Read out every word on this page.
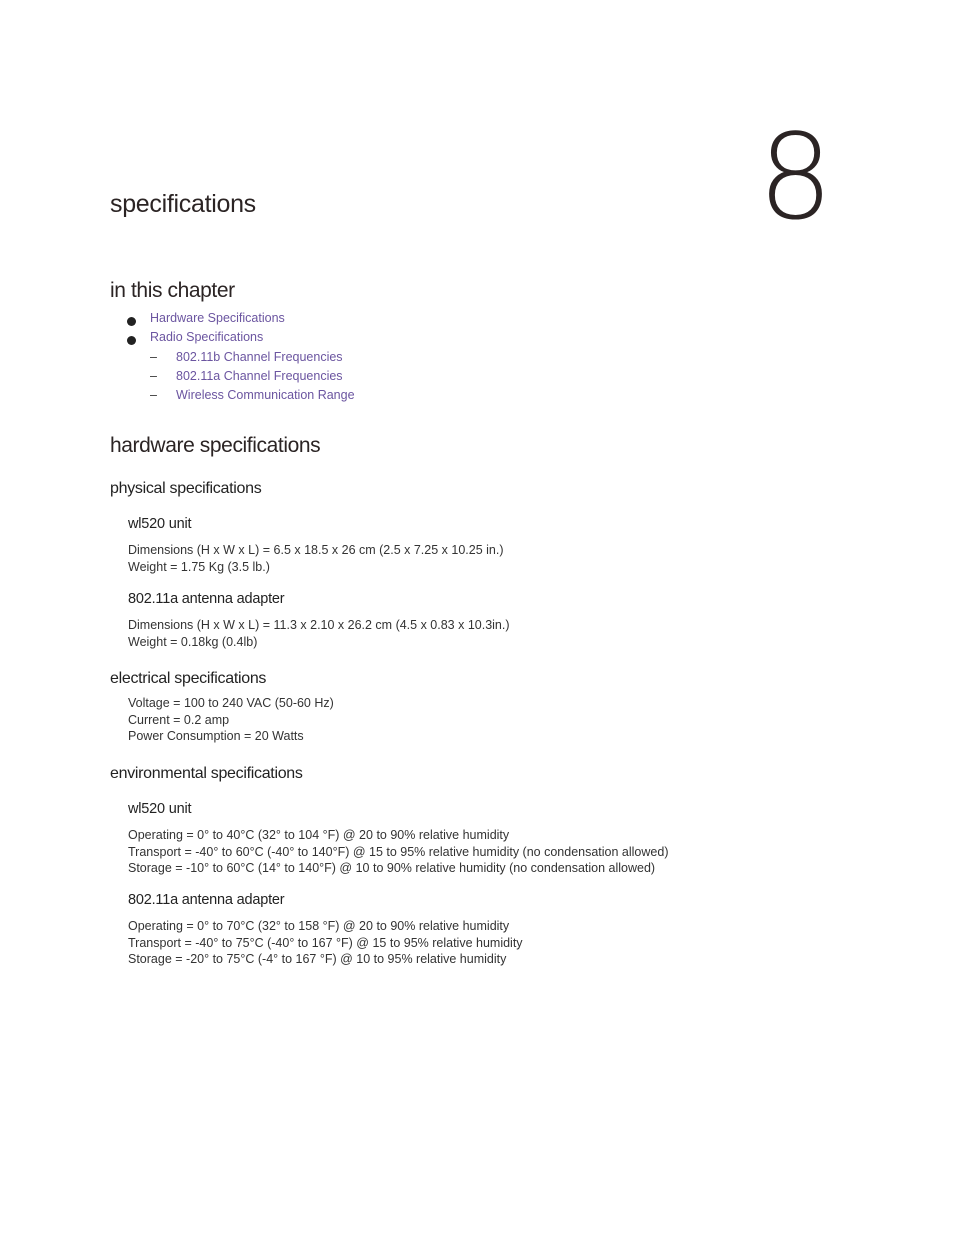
8
specifications
in this chapter
Hardware Specifications
Radio Specifications
– 802.11b Channel Frequencies
– 802.11a Channel Frequencies
– Wireless Communication Range
hardware specifications
physical specifications
wl520 unit
Dimensions (H x W x L) = 6.5 x 18.5 x 26 cm (2.5 x 7.25 x 10.25 in.)
Weight = 1.75 Kg (3.5 lb.)
802.11a antenna adapter
Dimensions (H x W x L) = 11.3 x 2.10 x 26.2 cm (4.5 x 0.83 x 10.3in.)
Weight = 0.18kg (0.4lb)
electrical specifications
Voltage = 100 to 240 VAC (50-60 Hz)
Current = 0.2 amp
Power Consumption = 20 Watts
environmental specifications
wl520 unit
Operating = 0° to 40°C (32° to 104 °F) @ 20 to 90% relative humidity
Transport = -40° to 60°C (-40° to 140°F) @ 15 to 95% relative humidity (no condensation allowed)
Storage = -10° to 60°C (14° to 140°F) @ 10 to 90% relative humidity (no condensation allowed)
802.11a antenna adapter
Operating = 0° to 70°C (32° to 158 °F) @ 20 to 90% relative humidity
Transport = -40° to 75°C (-40° to 167 °F) @ 15 to 95% relative humidity
Storage = -20° to 75°C (-4° to 167 °F) @ 10 to 95% relative humidity
